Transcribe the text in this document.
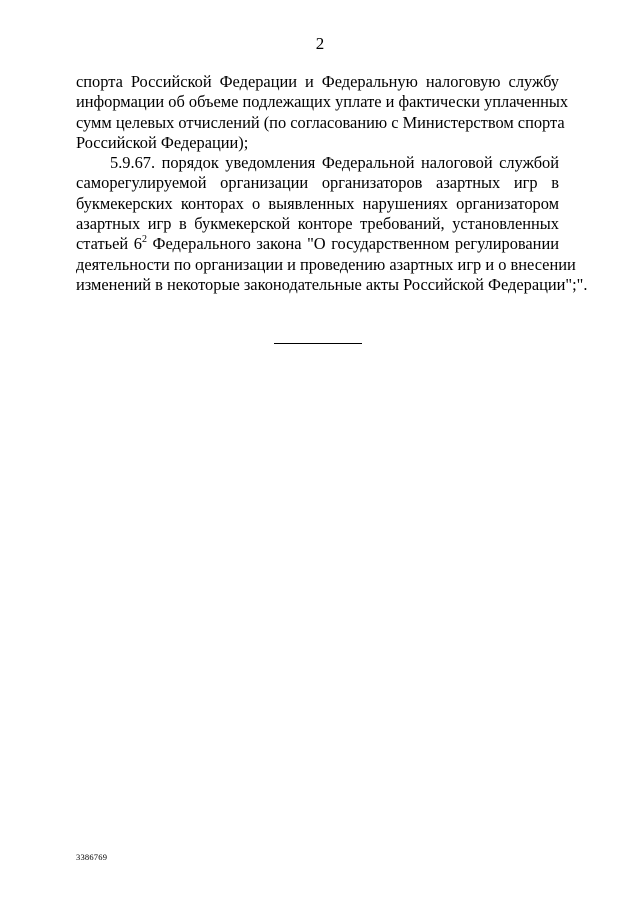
2

спорта Российской Федерации и Федеральную налоговую службу
информации об объеме подлежащих уплате и фактически уплаченных
сумм целевых отчислений (по согласованию с Министерством спорта
Российской Федерации);

5.9.67. порядок уведомления Федеральной налоговой службой
саморегулируемой организации организаторов азартных игр в
букмекерских конторах о выявленных нарушениях организатором
азартных игр в букмекерской конторе требований, установленных
статьей $6^2$ Федерального закона "О государственном регулировании
деятельности по организации и проведению азартных игр и о внесении
изменений в некоторые законодательные акты Российской Федерации";".

3386769
